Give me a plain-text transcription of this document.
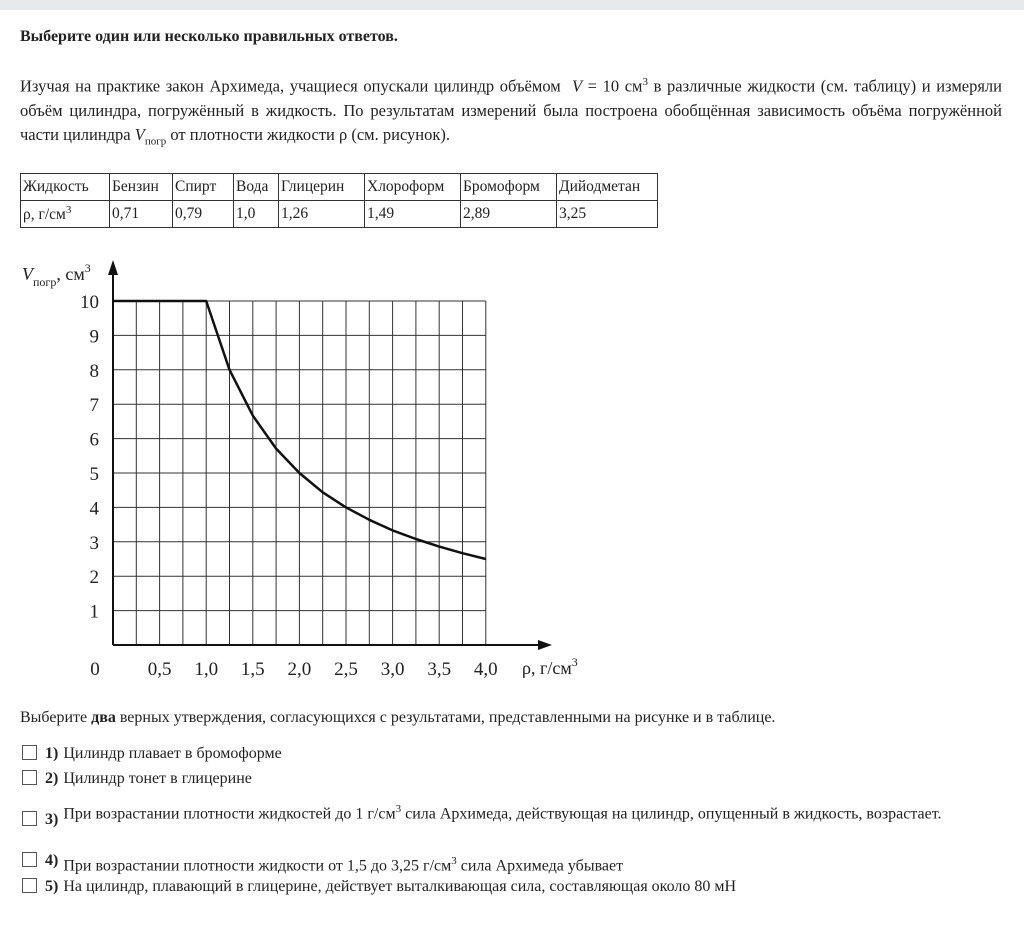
Выберите один или несколько правильных ответов.
Изучая на практике закон Архимеда, учащиеся опускали цилиндр объёмом V = 10 $см^3$ в различные жидкости (см. таблицу) и измеряли объём цилиндра, погружённый в жидкость. По результатам измерений была построена обобщённая зависимость объёма погружённой части цилиндра $V_{погр}$ от плотности жидкости ρ (см. рисунок).
Жидкость	Бензин	Спирт	Вода	Глицерин	Хлороформ	Бромоформ	Дийодметан
ρ, $г/см^3$	0,71	0,79	1,0	1,26	1,49	2,89	3,25
1
2
3
4
5
6
7
8
9
10
0,5 1,0 1,5 2,0 2,5 3,0 3,5 4,0
0	ρ, $г/см^3$
$V_{погр}$, $см^3$
Выберите два верных утверждения, согласующихся с результатами, представленными на рисунке и в таблице.
1) Цилиндр плавает в бромоформе
2) Цилиндр тонет в глицерине
3) При возрастании плотности жидкостей до 1 $г/см^3$ сила Архимеда, действующая на цилиндр, опущенный в жидкость, возрастает.
4) При возрастании плотности жидкости от 1,5 до 3,25 $г/см^3$ сила Архимеда убывает
5) На цилиндр, плавающий в глицерине, действует выталкивающая сила, составляющая около 80 мН
